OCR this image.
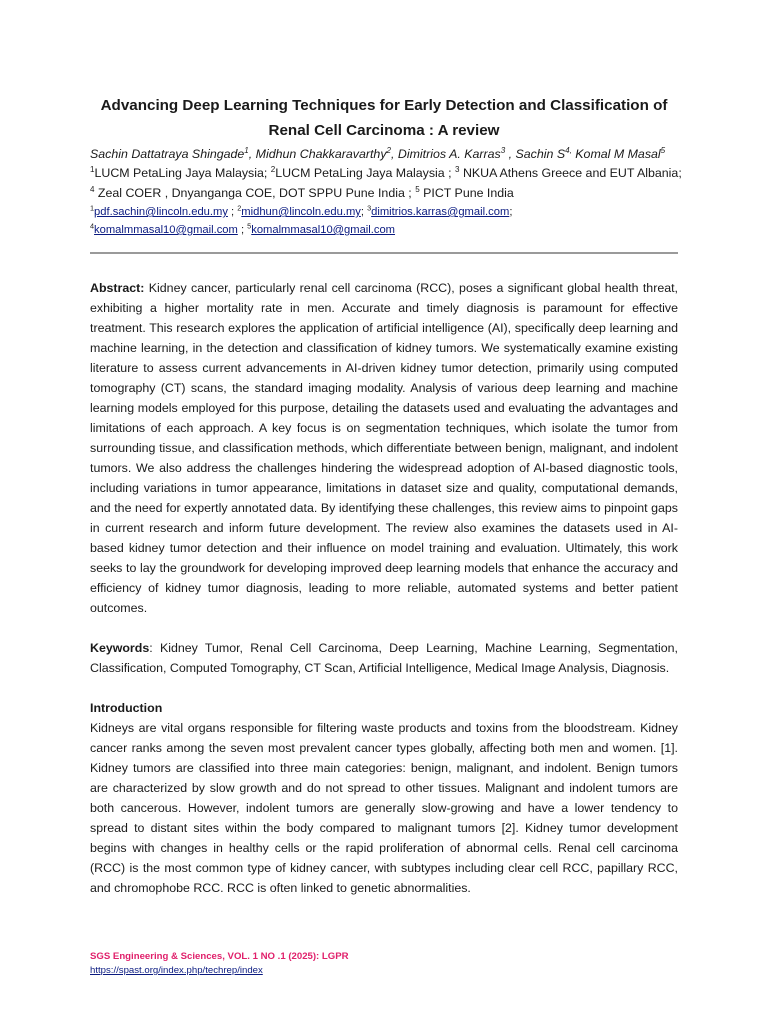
Advancing Deep Learning Techniques for Early Detection and Classification of
Renal Cell Carcinoma : A review
Sachin Dattatraya Shingade$^1$, Midhun Chakkaravarthy$^2$, Dimitrios A. Karras$^3$ , Sachin $S^{4,}$ Komal M Masal$^5$
$^1$LUCM PetaLing Jaya Malaysia; $^2$LUCM PetaLing Jaya Malaysia ; $^3$ NKUA Athens Greece and EUT Albania;
$^4$ Zeal COER , Dnyanganga COE, DOT SPPU Pune India ; $^5$ PICT Pune India
$^1$pdf.sachin@lincoln.edu.my ; $^2$midhun@lincoln.edu.my; $^3$dimitrios.karras@gmail.com;
$^4$komalmmasal10@gmail.com ; $^5$komalmmasal10@gmail.com
Abstract: Kidney cancer, particularly renal cell carcinoma (RCC), poses a significant global health threat, exhibiting a higher mortality rate in men. Accurate and timely diagnosis is paramount for effective treatment. This research explores the application of artificial intelligence (AI), specifically deep learning and machine learning, in the detection and classification of kidney tumors. We systematically examine existing literature to assess current advancements in AI-driven kidney tumor detection, primarily using computed tomography (CT) scans, the standard imaging modality. Analysis of various deep learning and machine learning models employed for this purpose, detailing the datasets used and evaluating the advantages and limitations of each approach. A key focus is on segmentation techniques, which isolate the tumor from surrounding tissue, and classification methods, which differentiate between benign, malignant, and indolent tumors. We also address the challenges hindering the widespread adoption of AI-based diagnostic tools, including variations in tumor appearance, limitations in dataset size and quality, computational demands, and the need for expertly annotated data. By identifying these challenges, this review aims to pinpoint gaps in current research and inform future development. The review also examines the datasets used in AI-based kidney tumor detection and their influence on model training and evaluation. Ultimately, this work seeks to lay the groundwork for developing improved deep learning models that enhance the accuracy and efficiency of kidney tumor diagnosis, leading to more reliable, automated systems and better patient outcomes.
Keywords: Kidney Tumor, Renal Cell Carcinoma, Deep Learning, Machine Learning, Segmentation, Classification, Computed Tomography, CT Scan, Artificial Intelligence, Medical Image Analysis, Diagnosis.
Introduction
Kidneys are vital organs responsible for filtering waste products and toxins from the bloodstream. Kidney cancer ranks among the seven most prevalent cancer types globally, affecting both men and women. [1]. Kidney tumors are classified into three main categories: benign, malignant, and indolent. Benign tumors are characterized by slow growth and do not spread to other tissues. Malignant and indolent tumors are both cancerous. However, indolent tumors are generally slow-growing and have a lower tendency to spread to distant sites within the body compared to malignant tumors [2]. Kidney tumor development begins with changes in healthy cells or the rapid proliferation of abnormal cells. Renal cell carcinoma (RCC) is the most common type of kidney cancer, with subtypes including clear cell RCC, papillary RCC, and chromophobe RCC. RCC is often linked to genetic abnormalities.
SGS Engineering & Sciences, VOL. 1 NO .1 (2025): LGPR
https://spast.org/index.php/techrep/index
